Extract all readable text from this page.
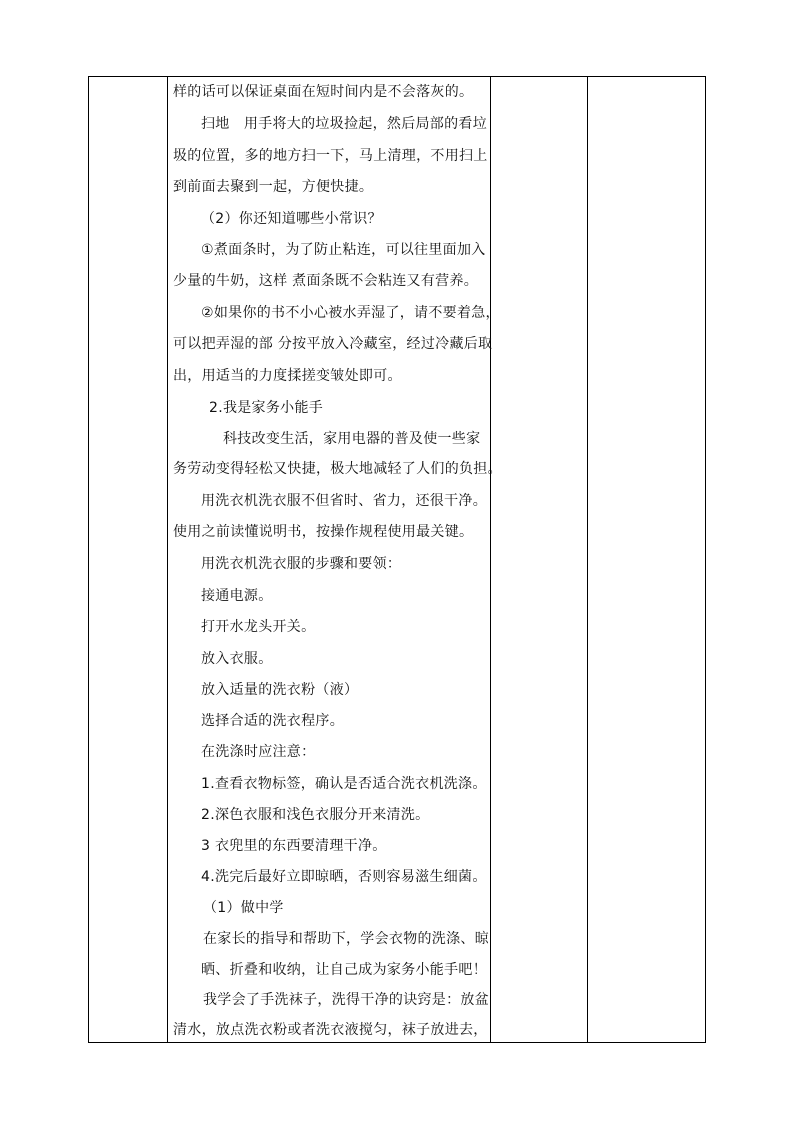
样的话可以保证桌面在短时间内是不会落灰的。
扫地　用手将大的垃圾捡起，然后局部的看垃
圾的位置，多的地方扫一下，马上清理，不用扫上
到前面去聚到一起，方便快捷。
（2）你还知道哪些小常识？
①煮面条时，为了防止粘连，可以往里面加入
少量的牛奶，这样 煮面条既不会粘连又有营养。
②如果你的书不小心被水弄湿了，请不要着急，
可以把弄湿的部 分按平放入冷藏室，经过冷藏后取
出，用适当的力度揉搓变皱处即可。
2.我是家务小能手
科技改变生活，家用电器的普及使一些家
务劳动变得轻松又快捷，极大地减轻了人们的负担。
用洗衣机洗衣服不但省时、省力，还很干净。
使用之前读懂说明书，按操作规程使用最关键。
用洗衣机洗衣服的步骤和要领：
接通电源。
打开水龙头开关。
放入衣服。
放入适量的洗衣粉（液）
选择合适的洗衣程序。
在洗涤时应注意：
1.查看衣物标签，确认是否适合洗衣机洗涤。
2.深色衣服和浅色衣服分开来清洗。
3 衣兜里的东西要清理干净。
4.洗完后最好立即晾晒，否则容易滋生细菌。
（1）做中学
在家长的指导和帮助下，学会衣物的洗涤、晾
晒、折叠和收纳，让自己成为家务小能手吧！
我学会了手洗袜子，洗得干净的诀窍是：放盆
清水，放点洗衣粉或者洗衣液搅匀，袜子放进去，
